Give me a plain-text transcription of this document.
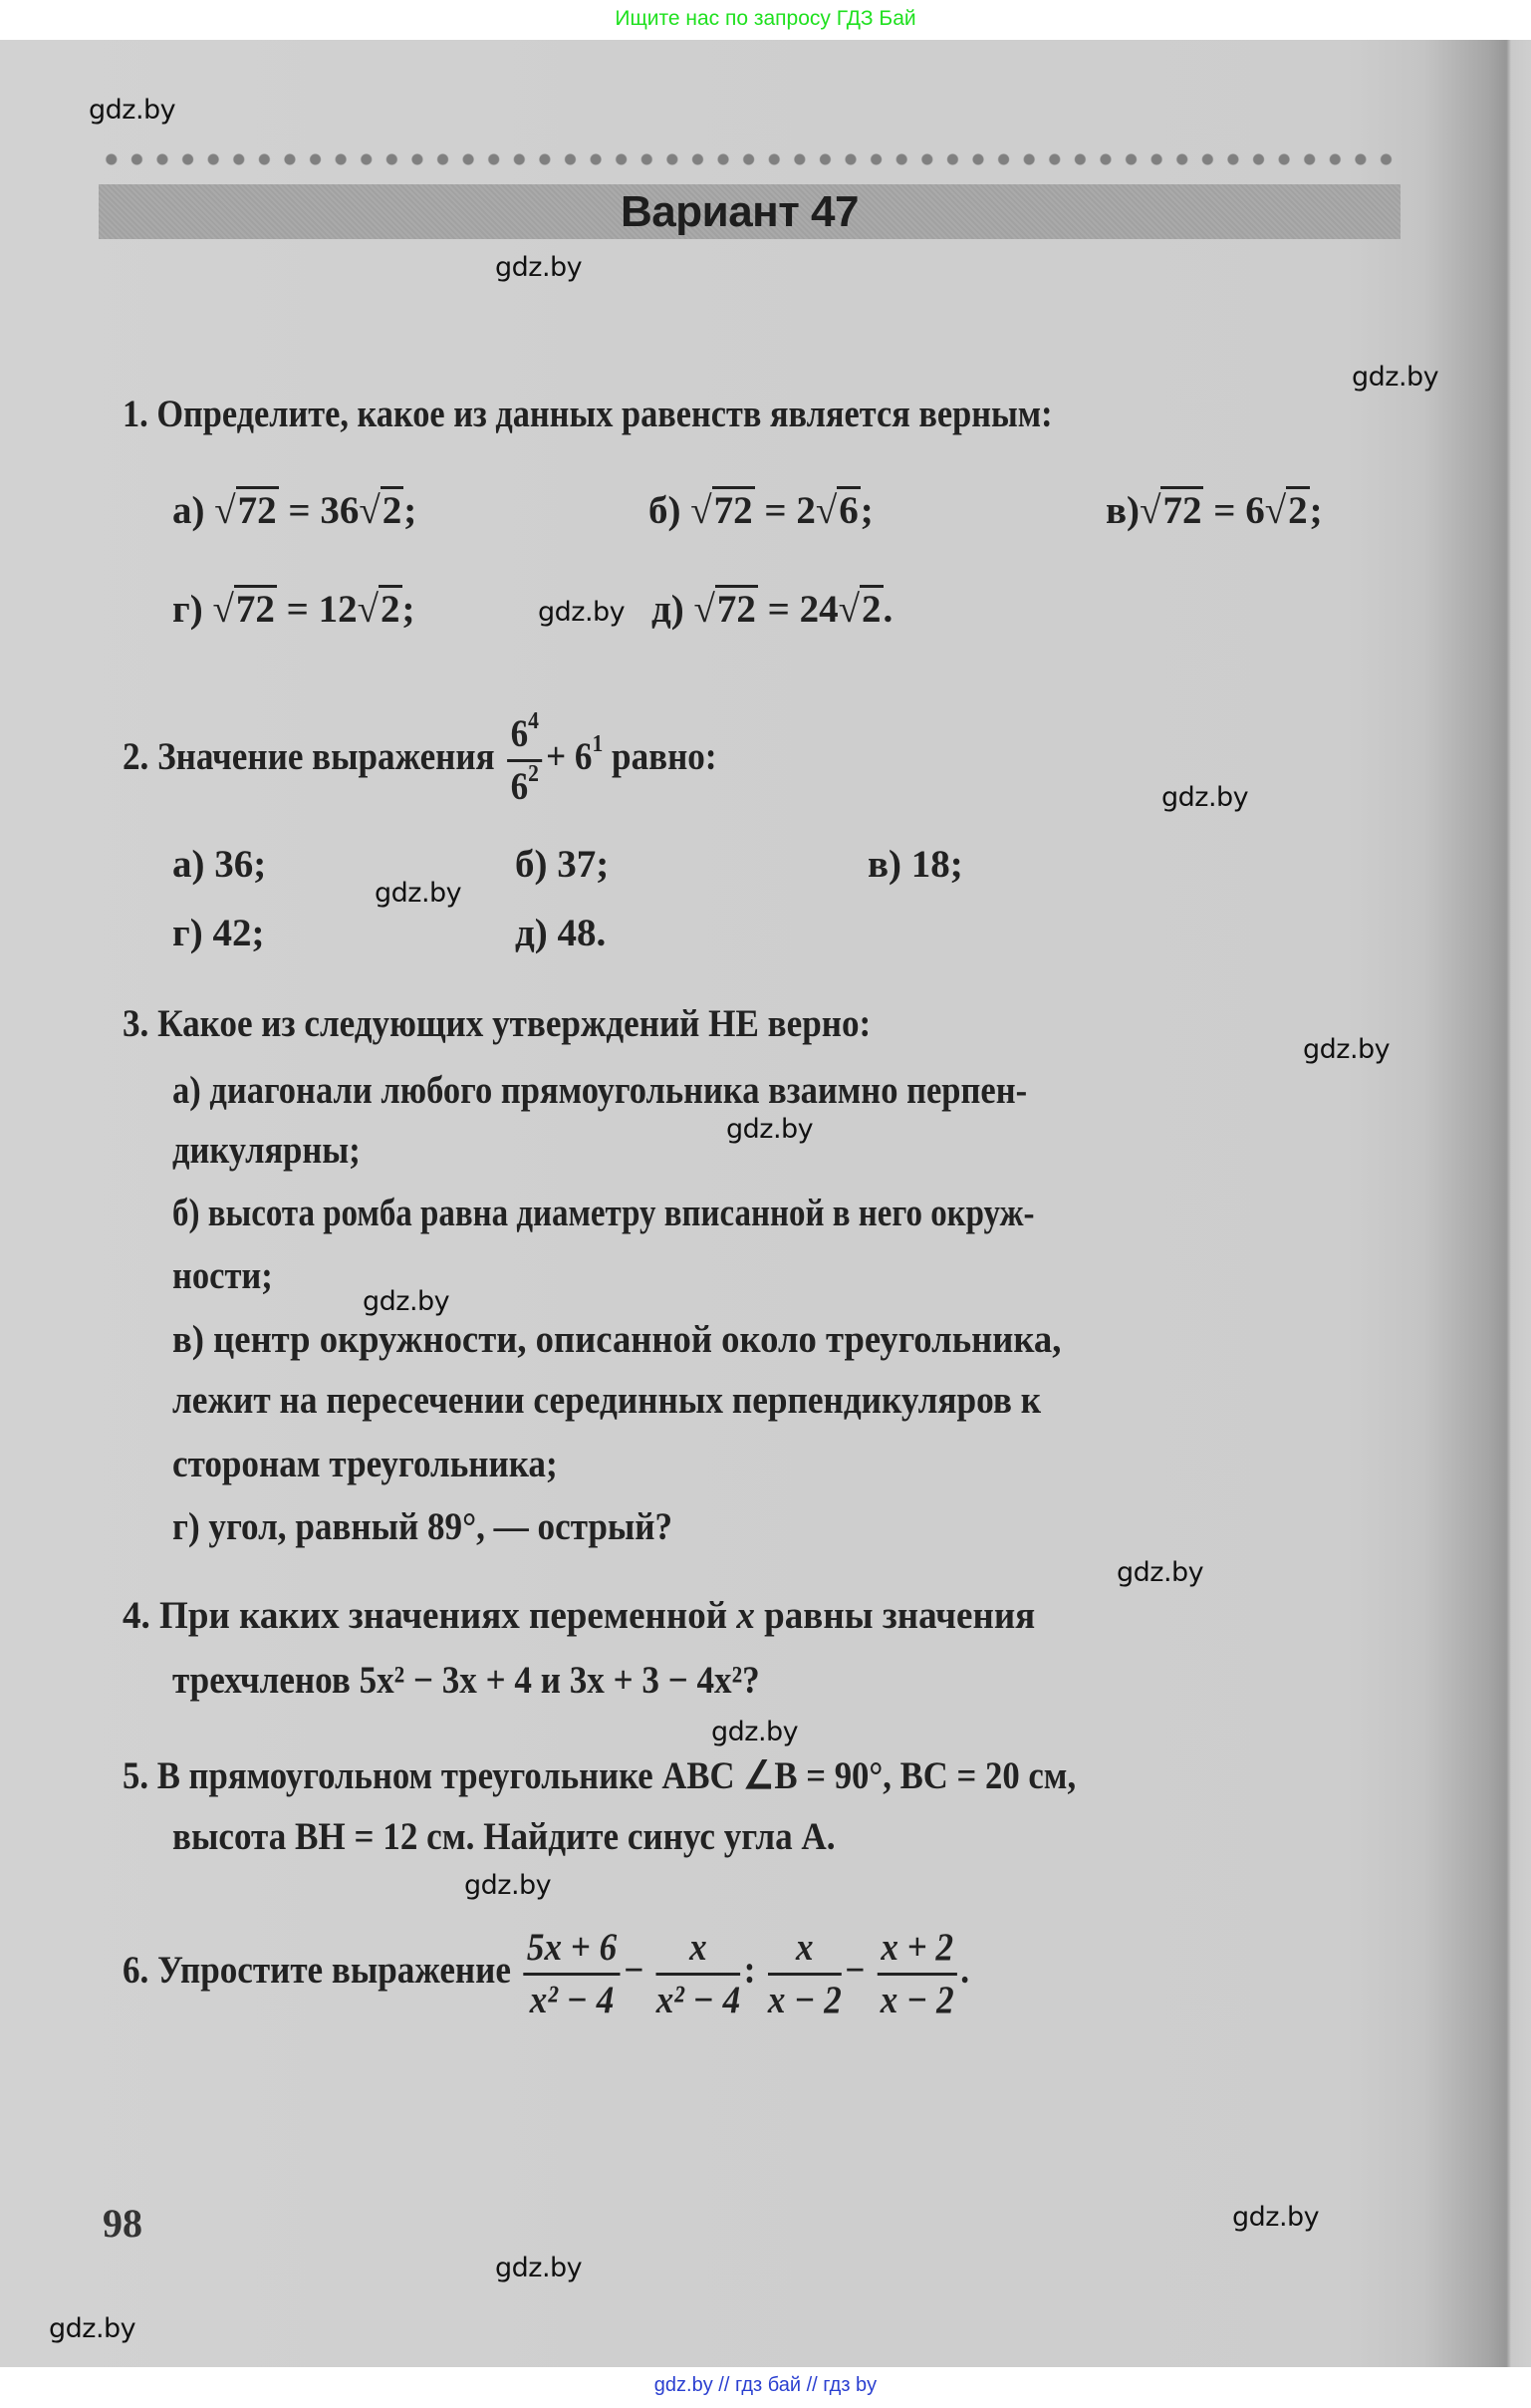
Ищите нас по запросу ГДЗ Бай
gdz.by
Вариант 47
gdz.by
gdz.by
1. Определите, какое из данных равенств является верным:
а) √72 = 36√2;	б) √72 = 2√6;	в)√72 = 6√2;
г) √72 = 12√2;	gdz.by д) √72 = 24√2.
2. Значение выражения $\frac{6^4}{6^2} + 6^1$ равно:
gdz.by
а) 36;	б) 37;	в) 18;
gdz.by
г) 42;	д) 48.
3. Какое из следующих утверждений НЕ верно:
gdz.by
а) диагонали любого прямоугольника взаимно перпен-
gdz.by
дикулярны;
б) высота ромба равна диаметру вписанной в него окруж-
ности;
gdz.by
в) центр окружности, описанной около треугольника,
лежит на пересечении серединных перпендикуляров к
сторонам треугольника;
г) угол, равный 89°, — острый?
gdz.by
4. При каких значениях переменной x равны значения
трехчленов 5x² − 3x + 4 и 3x + 3 − 4x²?
gdz.by
5. В прямоугольном треугольнике ABC ∠B = 90°, BC = 20 см,
высота BH = 12 см. Найдите синус угла A.
gdz.by
6. Упростите выражение $\frac{5x + 6}{\text{x² − 4}} - \frac{x}{\text{x² − 4}}$ : $\frac{x}{x - 2} - \frac{x + 2}{x - 2}$ .
98	gdz.by
gdz.by
gdz.by
gdz.by // гдз бай // гдз by
